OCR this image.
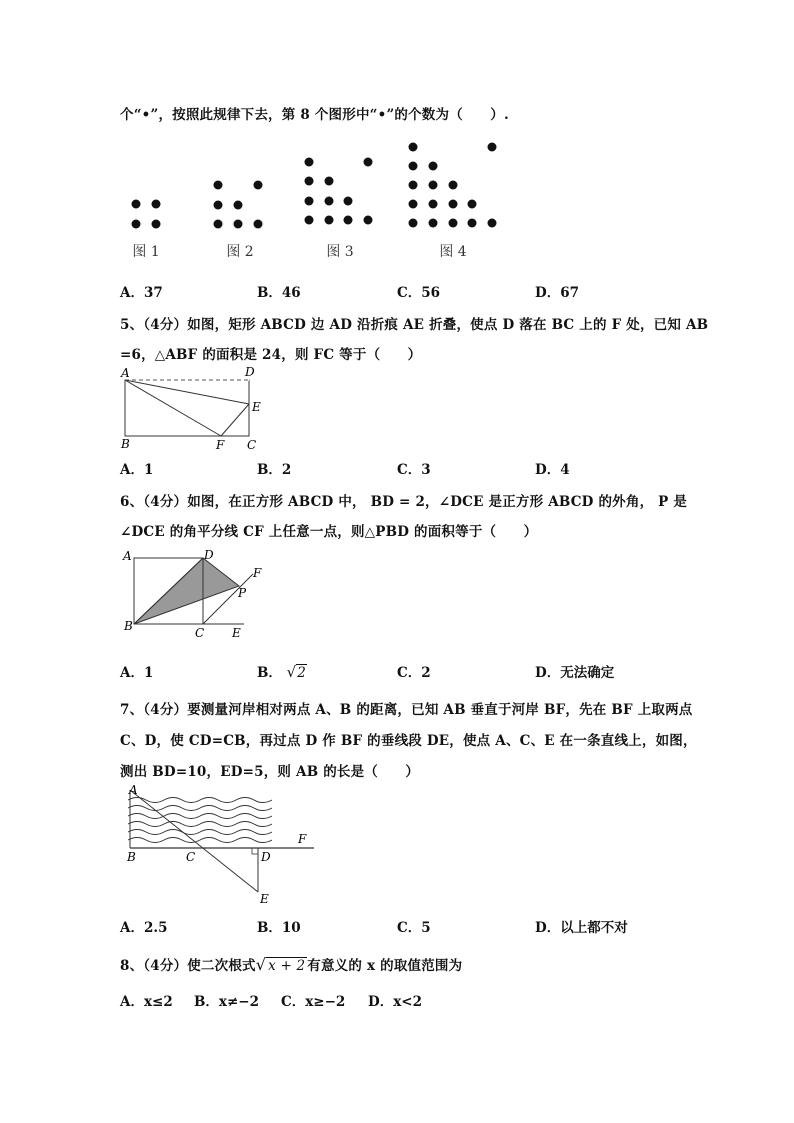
个“•”，按照此规律下去，第 8 个图形中“•”的个数为（　　）.
图 1	图 2	图 3	图 4
A．37	B．46	C．56	D．67
5、（4分）如图，矩形 ABCD 边 AD 沿折痕 AE 折叠，使点 D 落在 BC 上的 F 处，已知 AB
=6，△ABF 的面积是 24，则 FC 等于（　　）
A	D
E
B	F C
A．1	B．2	C．3	D．4
6、（4分）如图，在正方形 ABCD 中， BD = 2，∠DCE 是正方形 ABCD 的外角， P 是
∠DCE 的角平分线 CF 上任意一点，则△PBD 的面积等于（　　）
A	D
F
P
B	C E
A．1	B． √2	C．2	D．无法确定
7、（4分）要测量河岸相对两点 A、B 的距离，已知 AB 垂直于河岸 BF，先在 BF 上取两点
C、D，使 CD=CB，再过点 D 作 BF 的垂线段 DE，使点 A、C、E 在一条直线上，如图，
测出 BD=10，ED=5，则 AB 的长是（　　）
A
F
B	C	D
E
A．2.5	B．10	C．5	D．以上都不对
8、（4分）使二次根式√ x + 2 有意义的 x 的取值范围为
A．x≤2 B．x≠−2 C．x≥−2 D．x<2
